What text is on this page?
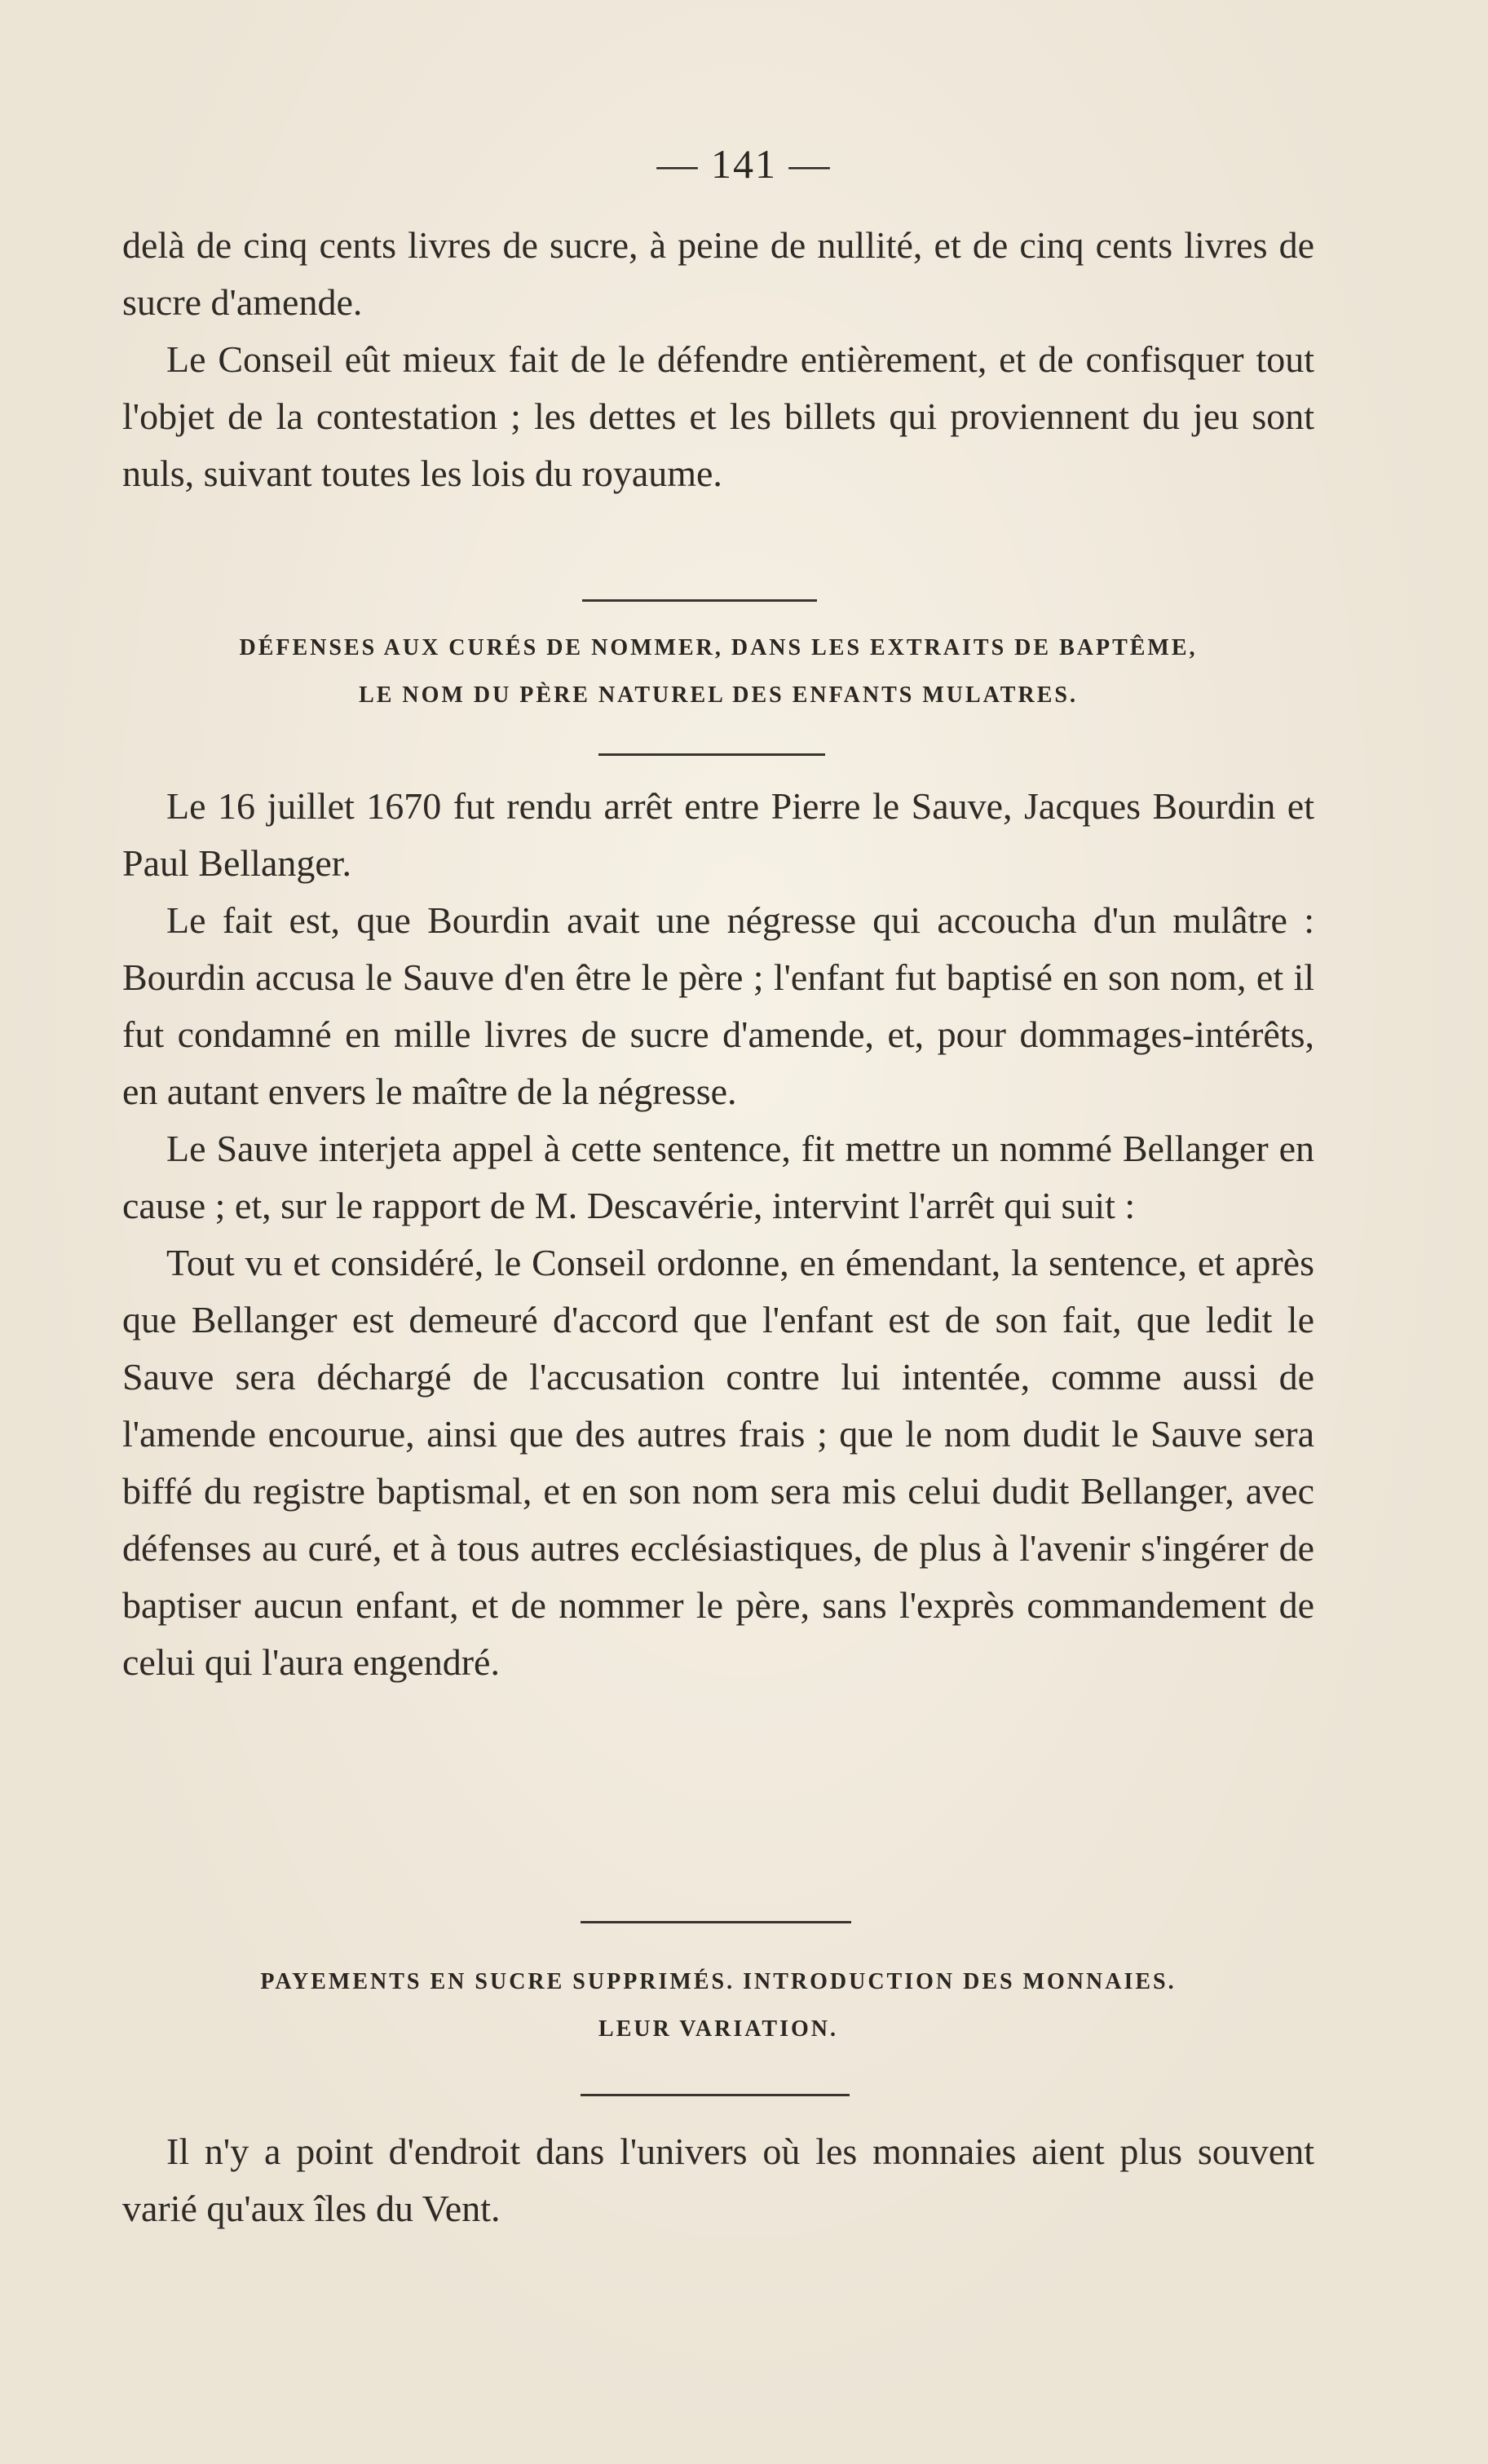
— 141 —

delà de cinq cents livres de sucre, à peine de nullité, et de cinq cents livres de sucre d'amende.

Le Conseil eût mieux fait de le défendre entièrement, et de confisquer tout l'objet de la contestation ; les dettes et les billets qui proviennent du jeu sont nuls, suivant toutes les lois du royaume.

DÉFENSES AUX CURÉS DE NOMMER, DANS LES EXTRAITS DE BAPTÊME,
LE NOM DU PÈRE NATUREL DES ENFANTS MULATRES.

Le 16 juillet 1670 fut rendu arrêt entre Pierre le Sauve, Jacques Bourdin et Paul Bellanger.

Le fait est, que Bourdin avait une négresse qui accoucha d'un mulâtre : Bourdin accusa le Sauve d'en être le père ; l'enfant fut baptisé en son nom, et il fut condamné en mille livres de sucre d'amende, et, pour dommages-intérêts, en autant envers le maître de la négresse.

Le Sauve interjeta appel à cette sentence, fit mettre un nommé Bellanger en cause ; et, sur le rapport de M. Descavérie, intervint l'arrêt qui suit :

Tout vu et considéré, le Conseil ordonne, en émendant, la sentence, et après que Bellanger est demeuré d'accord que l'enfant est de son fait, que ledit le Sauve sera déchargé de l'accusation contre lui intentée, comme aussi de l'amende encourue, ainsi que des autres frais ; que le nom dudit le Sauve sera biffé du registre baptismal, et en son nom sera mis celui dudit Bellanger, avec défenses au curé, et à tous autres ecclésiastiques, de plus à l'avenir s'ingérer de baptiser aucun enfant, et de nommer le père, sans l'exprès commandement de celui qui l'aura engendré.

PAYEMENTS EN SUCRE SUPPRIMÉS. INTRODUCTION DES MONNAIES.
LEUR VARIATION.

Il n'y a point d'endroit dans l'univers où les monnaies aient plus souvent varié qu'aux îles du Vent.
